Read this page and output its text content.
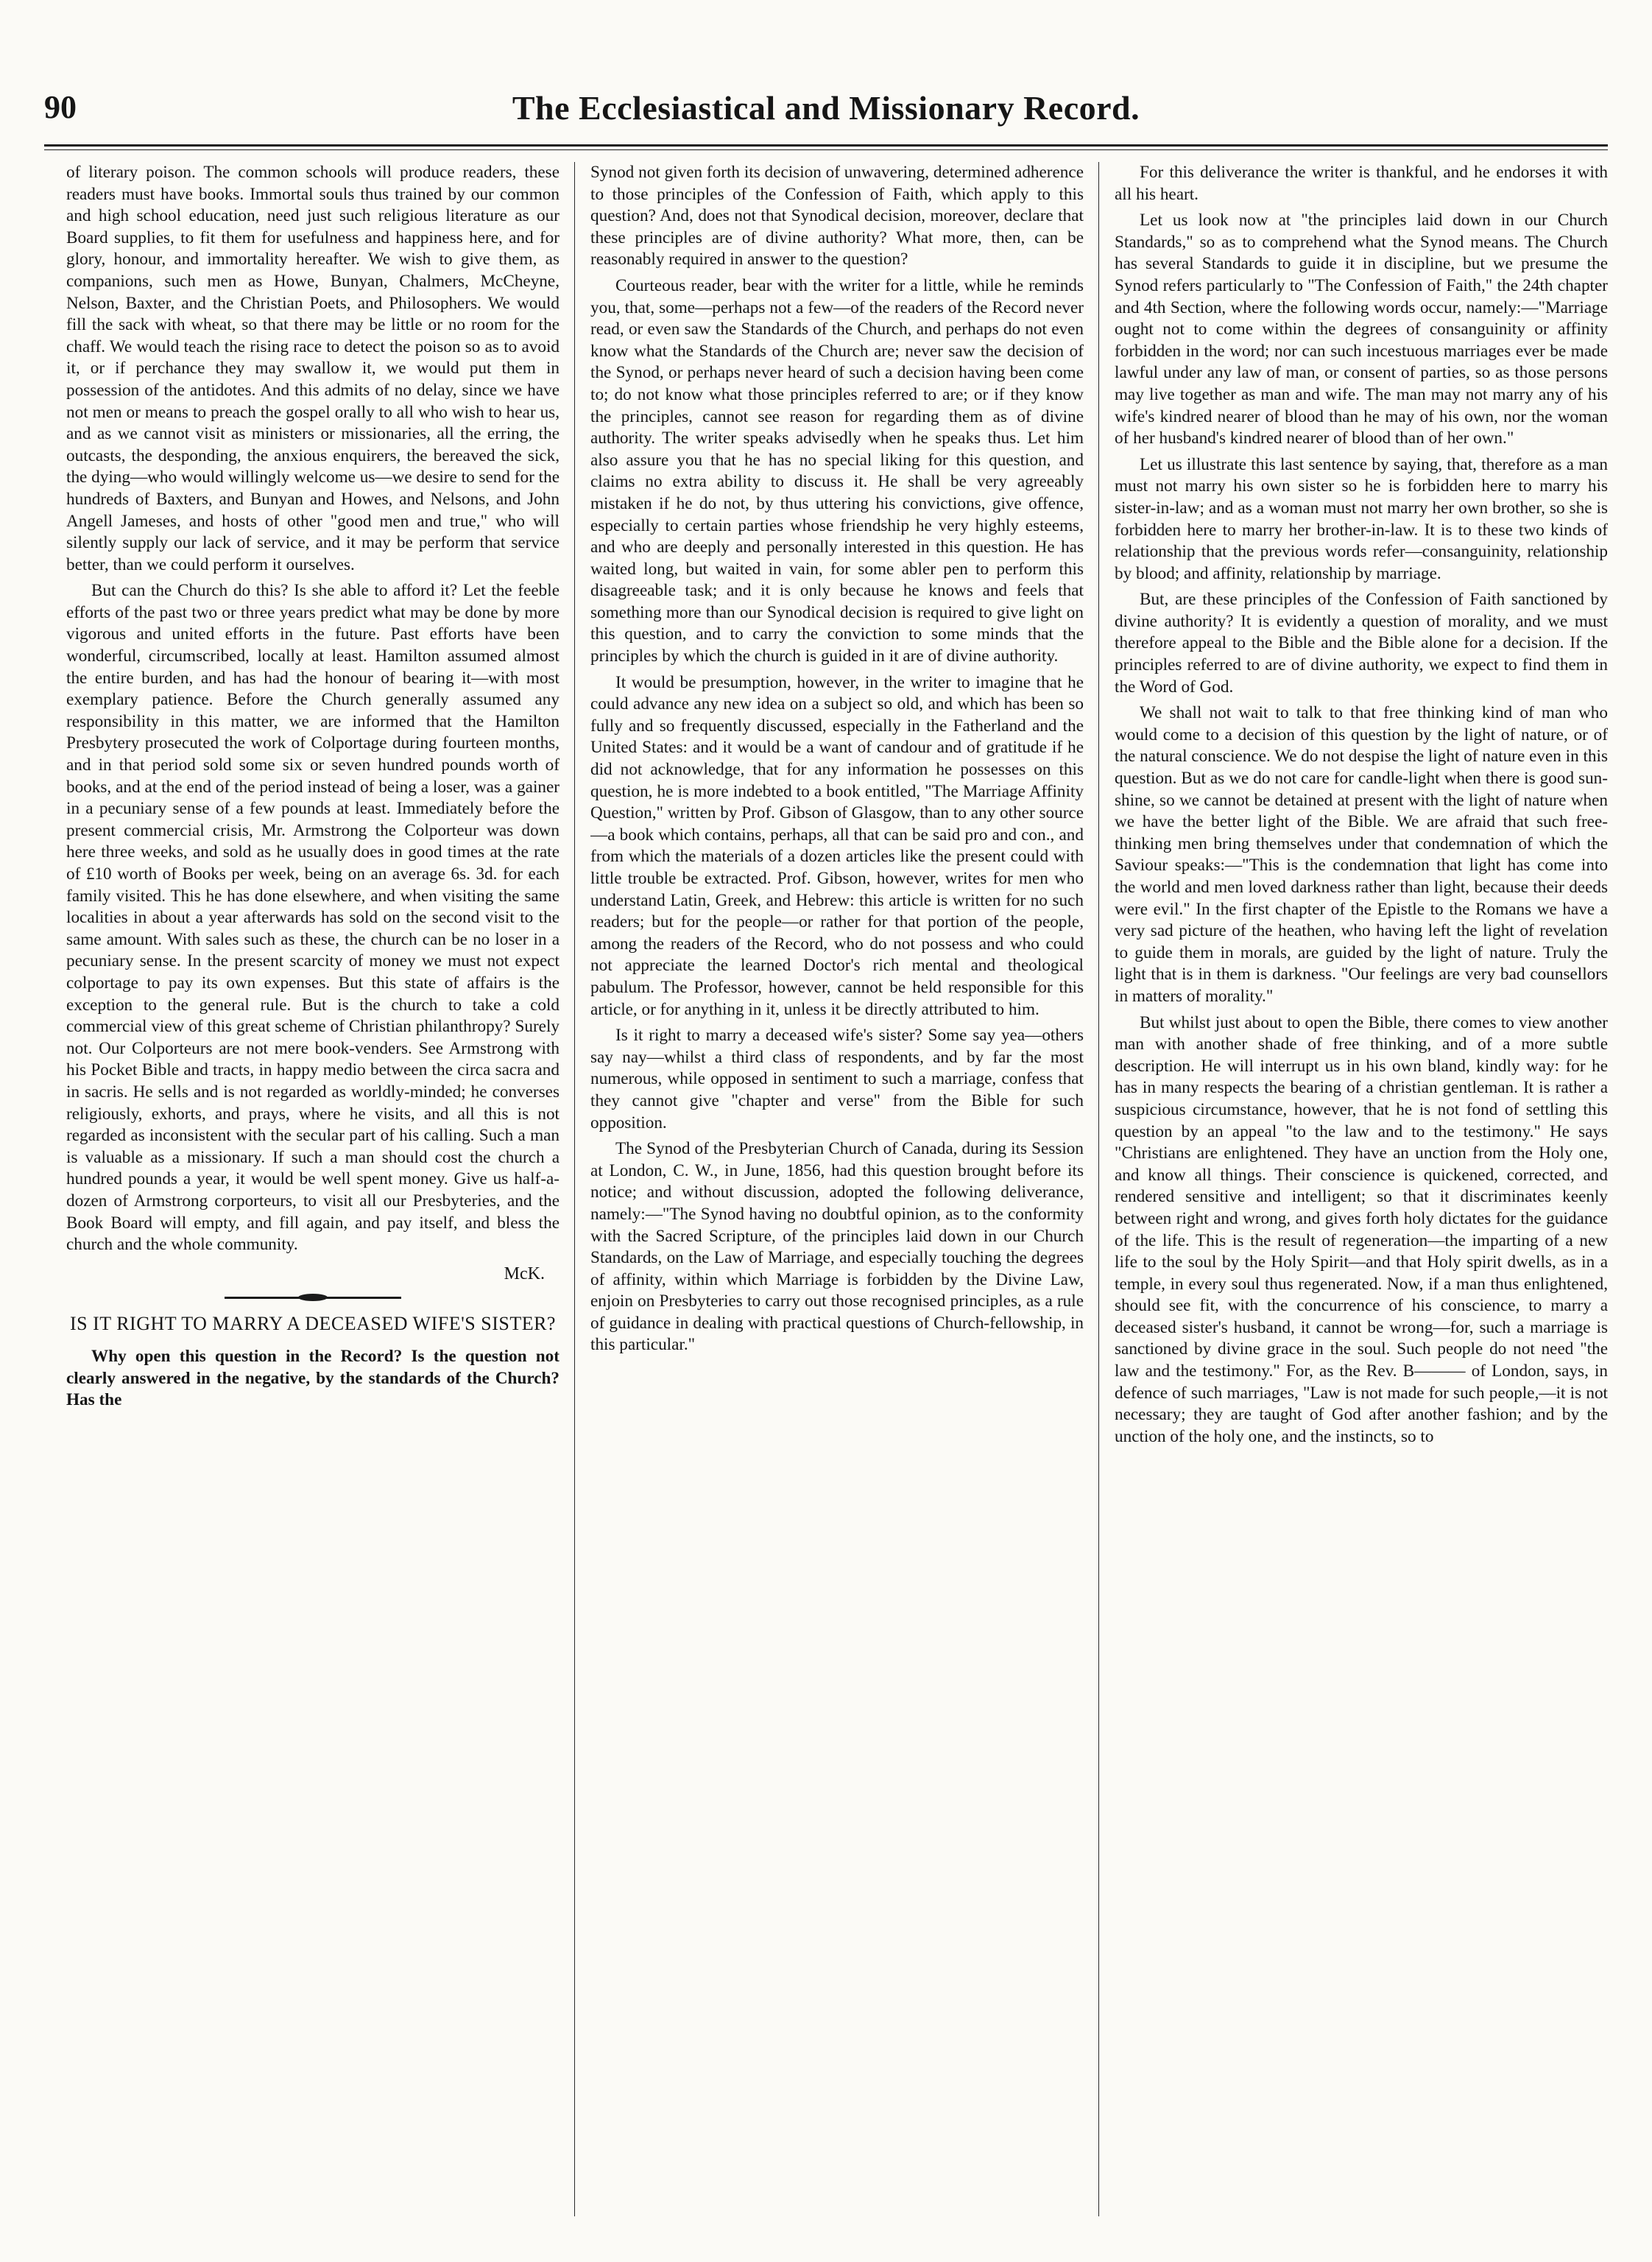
90	The Ecclesiastical and Missionary Record.

of literary poison. The common schools will produce readers, these readers must have books. Immortal souls thus trained by our common and high school education, need just such religious literature as our Board supplies, to fit them for usefulness and happiness here, and for glory, honour, and immortality hereafter. We wish to give them, as companions, such men as Howe, Bunyan, Chalmers, McCheyne, Nelson, Baxter, and the Christian Poets, and Philosophers. We would fill the sack with wheat, so that there may be little or no room for the chaff. We would teach the rising race to detect the poison so as to avoid it, or if perchance they may swallow it, we would put them in possession of the antidotes. And this admits of no delay, since we have not men or means to preach the gospel orally to all who wish to hear us, and as we cannot visit as ministers or missionaries, all the erring, the outcasts, the desponding, the anxious enquirers, the bereaved the sick, the dying—who would willingly welcome us—we desire to send for the hundreds of Baxters, and Bunyan and Howes, and Nelsons, and John Angell Jameses, and hosts of other "good men and true," who will silently supply our lack of service, and it may be perform that service better, than we could perform it ourselves.

But can the Church do this? Is she able to afford it? Let the feeble efforts of the past two or three years predict what may be done by more vigorous and united efforts in the future. Past efforts have been wonderful, circumscribed, locally at least. Hamilton assumed almost the entire burden, and has had the honour of bearing it—with most exemplary patience. Before the Church generally assumed any responsibility in this matter, we are informed that the Hamilton Presbytery prosecuted the work of Colportage during fourteen months, and in that period sold some six or seven hundred pounds worth of books, and at the end of the period instead of being a loser, was a gainer in a pecuniary sense of a few pounds at least. Immediately before the present commercial crisis, Mr. Armstrong the Colporteur was down here three weeks, and sold as he usually does in good times at the rate of £10 worth of Books per week, being on an average 6s. 3d. for each family visited. This he has done elsewhere, and when visiting the same localities in about a year afterwards has sold on the second visit to the same amount. With sales such as these, the church can be no loser in a pecuniary sense. In the present scarcity of money we must not expect colportage to pay its own expenses. But this state of affairs is the exception to the general rule. But is the church to take a cold commercial view of this great scheme of Christian philanthropy? Surely not. Our Colporteurs are not mere book-venders. See Armstrong with his Pocket Bible and tracts, in happy medio between the circa sacra and in sacris. He sells and is not regarded as worldly-minded; he converses religiously, exhorts, and prays, where he visits, and all this is not regarded as inconsistent with the secular part of his calling. Such a man is valuable as a missionary. If such a man should cost the church a hundred pounds a year, it would be well spent money. Give us half-a-dozen of Armstrong corporteurs, to visit all our Presbyteries, and the Book Board will empty, and fill again, and pay itself, and bless the church and the whole community.

McK.
IS IT RIGHT TO MARRY A DECEASED WIFE'S SISTER?

Why open this question in the Record? Is the question not clearly answered in the negative, by the standards of the Church? Has the

Synod not given forth its decision of unwavering, determined adherence to those principles of the Confession of Faith, which apply to this question? And, does not that Synodical decision, moreover, declare that these principles are of divine authority? What more, then, can be reasonably required in answer to the question?

Courteous reader, bear with the writer for a little, while he reminds you, that, some—perhaps not a few—of the readers of the Record never read, or even saw the Standards of the Church, and perhaps do not even know what the Standards of the Church are; never saw the decision of the Synod, or perhaps never heard of such a decision having been come to; do not know what those principles referred to are; or if they know the principles, cannot see reason for regarding them as of divine authority. The writer speaks advisedly when he speaks thus. Let him also assure you that he has no special liking for this question, and claims no extra ability to discuss it. He shall be very agreeably mistaken if he do not, by thus uttering his convictions, give offence, especially to certain parties whose friendship he very highly esteems, and who are deeply and personally interested in this question. He has waited long, but waited in vain, for some abler pen to perform this disagreeable task; and it is only because he knows and feels that something more than our Synodical decision is required to give light on this question, and to carry the conviction to some minds that the principles by which the church is guided in it are of divine authority.

It would be presumption, however, in the writer to imagine that he could advance any new idea on a subject so old, and which has been so fully and so frequently discussed, especially in the Fatherland and the United States: and it would be a want of candour and of gratitude if he did not acknowledge, that for any information he possesses on this question, he is more indebted to a book entitled, "The Marriage Affinity Question," written by Prof. Gibson of Glasgow, than to any other source—a book which contains, perhaps, all that can be said pro and con., and from which the materials of a dozen articles like the present could with little trouble be extracted. Prof. Gibson, however, writes for men who understand Latin, Greek, and Hebrew: this article is written for no such readers; but for the people—or rather for that portion of the people, among the readers of the Record, who do not possess and who could not appreciate the learned Doctor's rich mental and theological pabulum. The Professor, however, cannot be held responsible for this article, or for anything in it, unless it be directly attributed to him.

Is it right to marry a deceased wife's sister? Some say yea—others say nay—whilst a third class of respondents, and by far the most numerous, while opposed in sentiment to such a marriage, confess that they cannot give "chapter and verse" from the Bible for such opposition.

The Synod of the Presbyterian Church of Canada, during its Session at London, C. W., in June, 1856, had this question brought before its notice; and without discussion, adopted the following deliverance, namely:—"The Synod having no doubtful opinion, as to the conformity with the Sacred Scripture, of the principles laid down in our Church Standards, on the Law of Marriage, and especially touching the degrees of affinity, within which Marriage is forbidden by the Divine Law, enjoin on Presbyteries to carry out those recognised principles, as a rule of guidance in dealing with practical questions of Church-fellowship, in this particular."

For this deliverance the writer is thankful, and he endorses it with all his heart.

Let us look now at "the principles laid down in our Church Standards," so as to comprehend what the Synod means. The Church has several Standards to guide it in discipline, but we presume the Synod refers particularly to "The Confession of Faith," the 24th chapter and 4th Section, where the following words occur, namely:—"Marriage ought not to come within the degrees of consanguinity or affinity forbidden in the word; nor can such incestuous marriages ever be made lawful under any law of man, or consent of parties, so as those persons may live together as man and wife. The man may not marry any of his wife's kindred nearer of blood than he may of his own, nor the woman of her husband's kindred nearer of blood than of her own."

Let us illustrate this last sentence by saying, that, therefore as a man must not marry his own sister so he is forbidden here to marry his sister-in-law; and as a woman must not marry her own brother, so she is forbidden here to marry her brother-in-law. It is to these two kinds of relationship that the previous words refer—consanguinity, relationship by blood; and affinity, relationship by marriage.

But, are these principles of the Confession of Faith sanctioned by divine authority? It is evidently a question of morality, and we must therefore appeal to the Bible and the Bible alone for a decision. If the principles referred to are of divine authority, we expect to find them in the Word of God.

We shall not wait to talk to that free thinking kind of man who would come to a decision of this question by the light of nature, or of the natural conscience. We do not despise the light of nature even in this question. But as we do not care for candle-light when there is good sun-shine, so we cannot be detained at present with the light of nature when we have the better light of the Bible. We are afraid that such free-thinking men bring themselves under that condemnation of which the Saviour speaks:—"This is the condemnation that light has come into the world and men loved darkness rather than light, because their deeds were evil." In the first chapter of the Epistle to the Romans we have a very sad picture of the heathen, who having left the light of revelation to guide them in morals, are guided by the light of nature. Truly the light that is in them is darkness. "Our feelings are very bad counsellors in matters of morality."

But whilst just about to open the Bible, there comes to view another man with another shade of free thinking, and of a more subtle description. He will interrupt us in his own bland, kindly way: for he has in many respects the bearing of a christian gentleman. It is rather a suspicious circumstance, however, that he is not fond of settling this question by an appeal "to the law and to the testimony." He says "Christians are enlightened. They have an unction from the Holy one, and know all things. Their conscience is quickened, corrected, and rendered sensitive and intelligent; so that it discriminates keenly between right and wrong, and gives forth holy dictates for the guidance of the life. This is the result of regeneration—the imparting of a new life to the soul by the Holy Spirit—and that Holy spirit dwells, as in a temple, in every soul thus regenerated. Now, if a man thus enlightened, should see fit, with the concurrence of his conscience, to marry a deceased sister's husband, it cannot be wrong—for, such a marriage is sanctioned by divine grace in the soul. Such people do not need "the law and the testimony." For, as the Rev. B——— of London, says, in defence of such marriages, "Law is not made for such people,—it is not necessary; they are taught of God after another fashion; and by the unction of the holy one, and the instincts, so to
